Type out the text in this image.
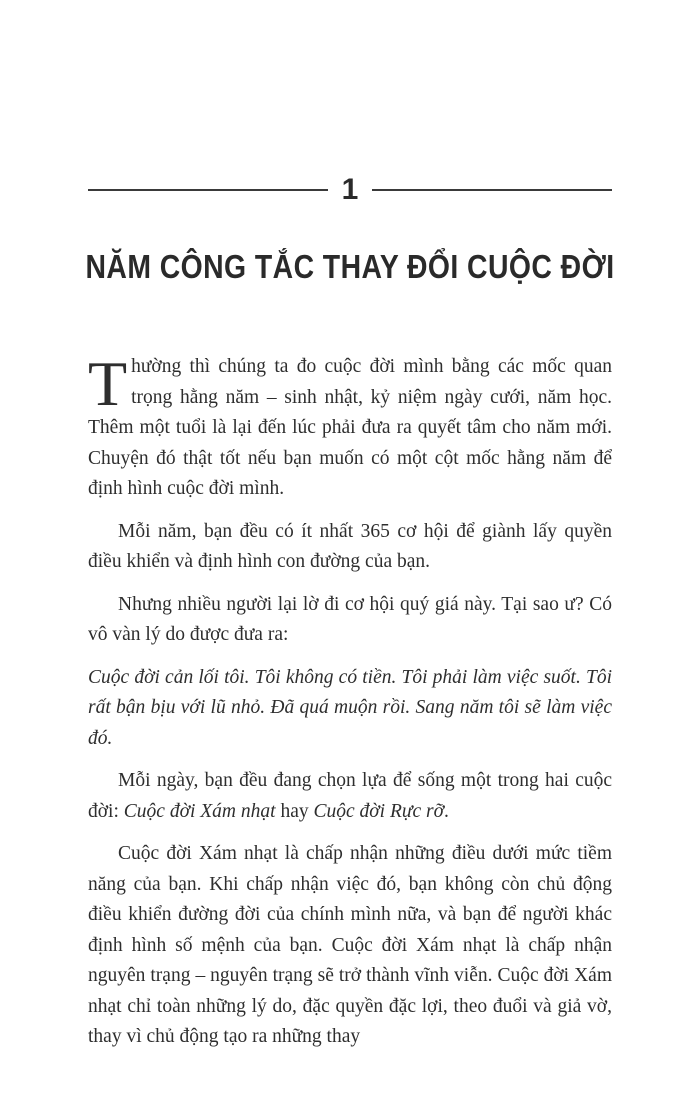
1
NĂM CÔNG TẮC THAY ĐỔI CUỘC ĐỜI

Thường thì chúng ta đo cuộc đời mình bằng các mốc quan trọng hằng năm – sinh nhật, kỷ niệm ngày cưới, năm học. Thêm một tuổi là lại đến lúc phải đưa ra quyết tâm cho năm mới. Chuyện đó thật tốt nếu bạn muốn có một cột mốc hằng năm để định hình cuộc đời mình.

Mỗi năm, bạn đều có ít nhất 365 cơ hội để giành lấy quyền điều khiển và định hình con đường của bạn.

Nhưng nhiều người lại lờ đi cơ hội quý giá này. Tại sao ư? Có vô vàn lý do được đưa ra:

Cuộc đời cản lối tôi. Tôi không có tiền. Tôi phải làm việc suốt. Tôi rất bận bịu với lũ nhỏ. Đã quá muộn rồi. Sang năm tôi sẽ làm việc đó.

Mỗi ngày, bạn đều đang chọn lựa để sống một trong hai cuộc đời: Cuộc đời Xám nhạt hay Cuộc đời Rực rỡ.

Cuộc đời Xám nhạt là chấp nhận những điều dưới mức tiềm năng của bạn. Khi chấp nhận việc đó, bạn không còn chủ động điều khiển đường đời của chính mình nữa, và bạn để người khác định hình số mệnh của bạn. Cuộc đời Xám nhạt là chấp nhận nguyên trạng – nguyên trạng sẽ trở thành vĩnh viễn. Cuộc đời Xám nhạt chỉ toàn những lý do, đặc quyền đặc lợi, theo đuổi và giả vờ, thay vì chủ động tạo ra những thay
